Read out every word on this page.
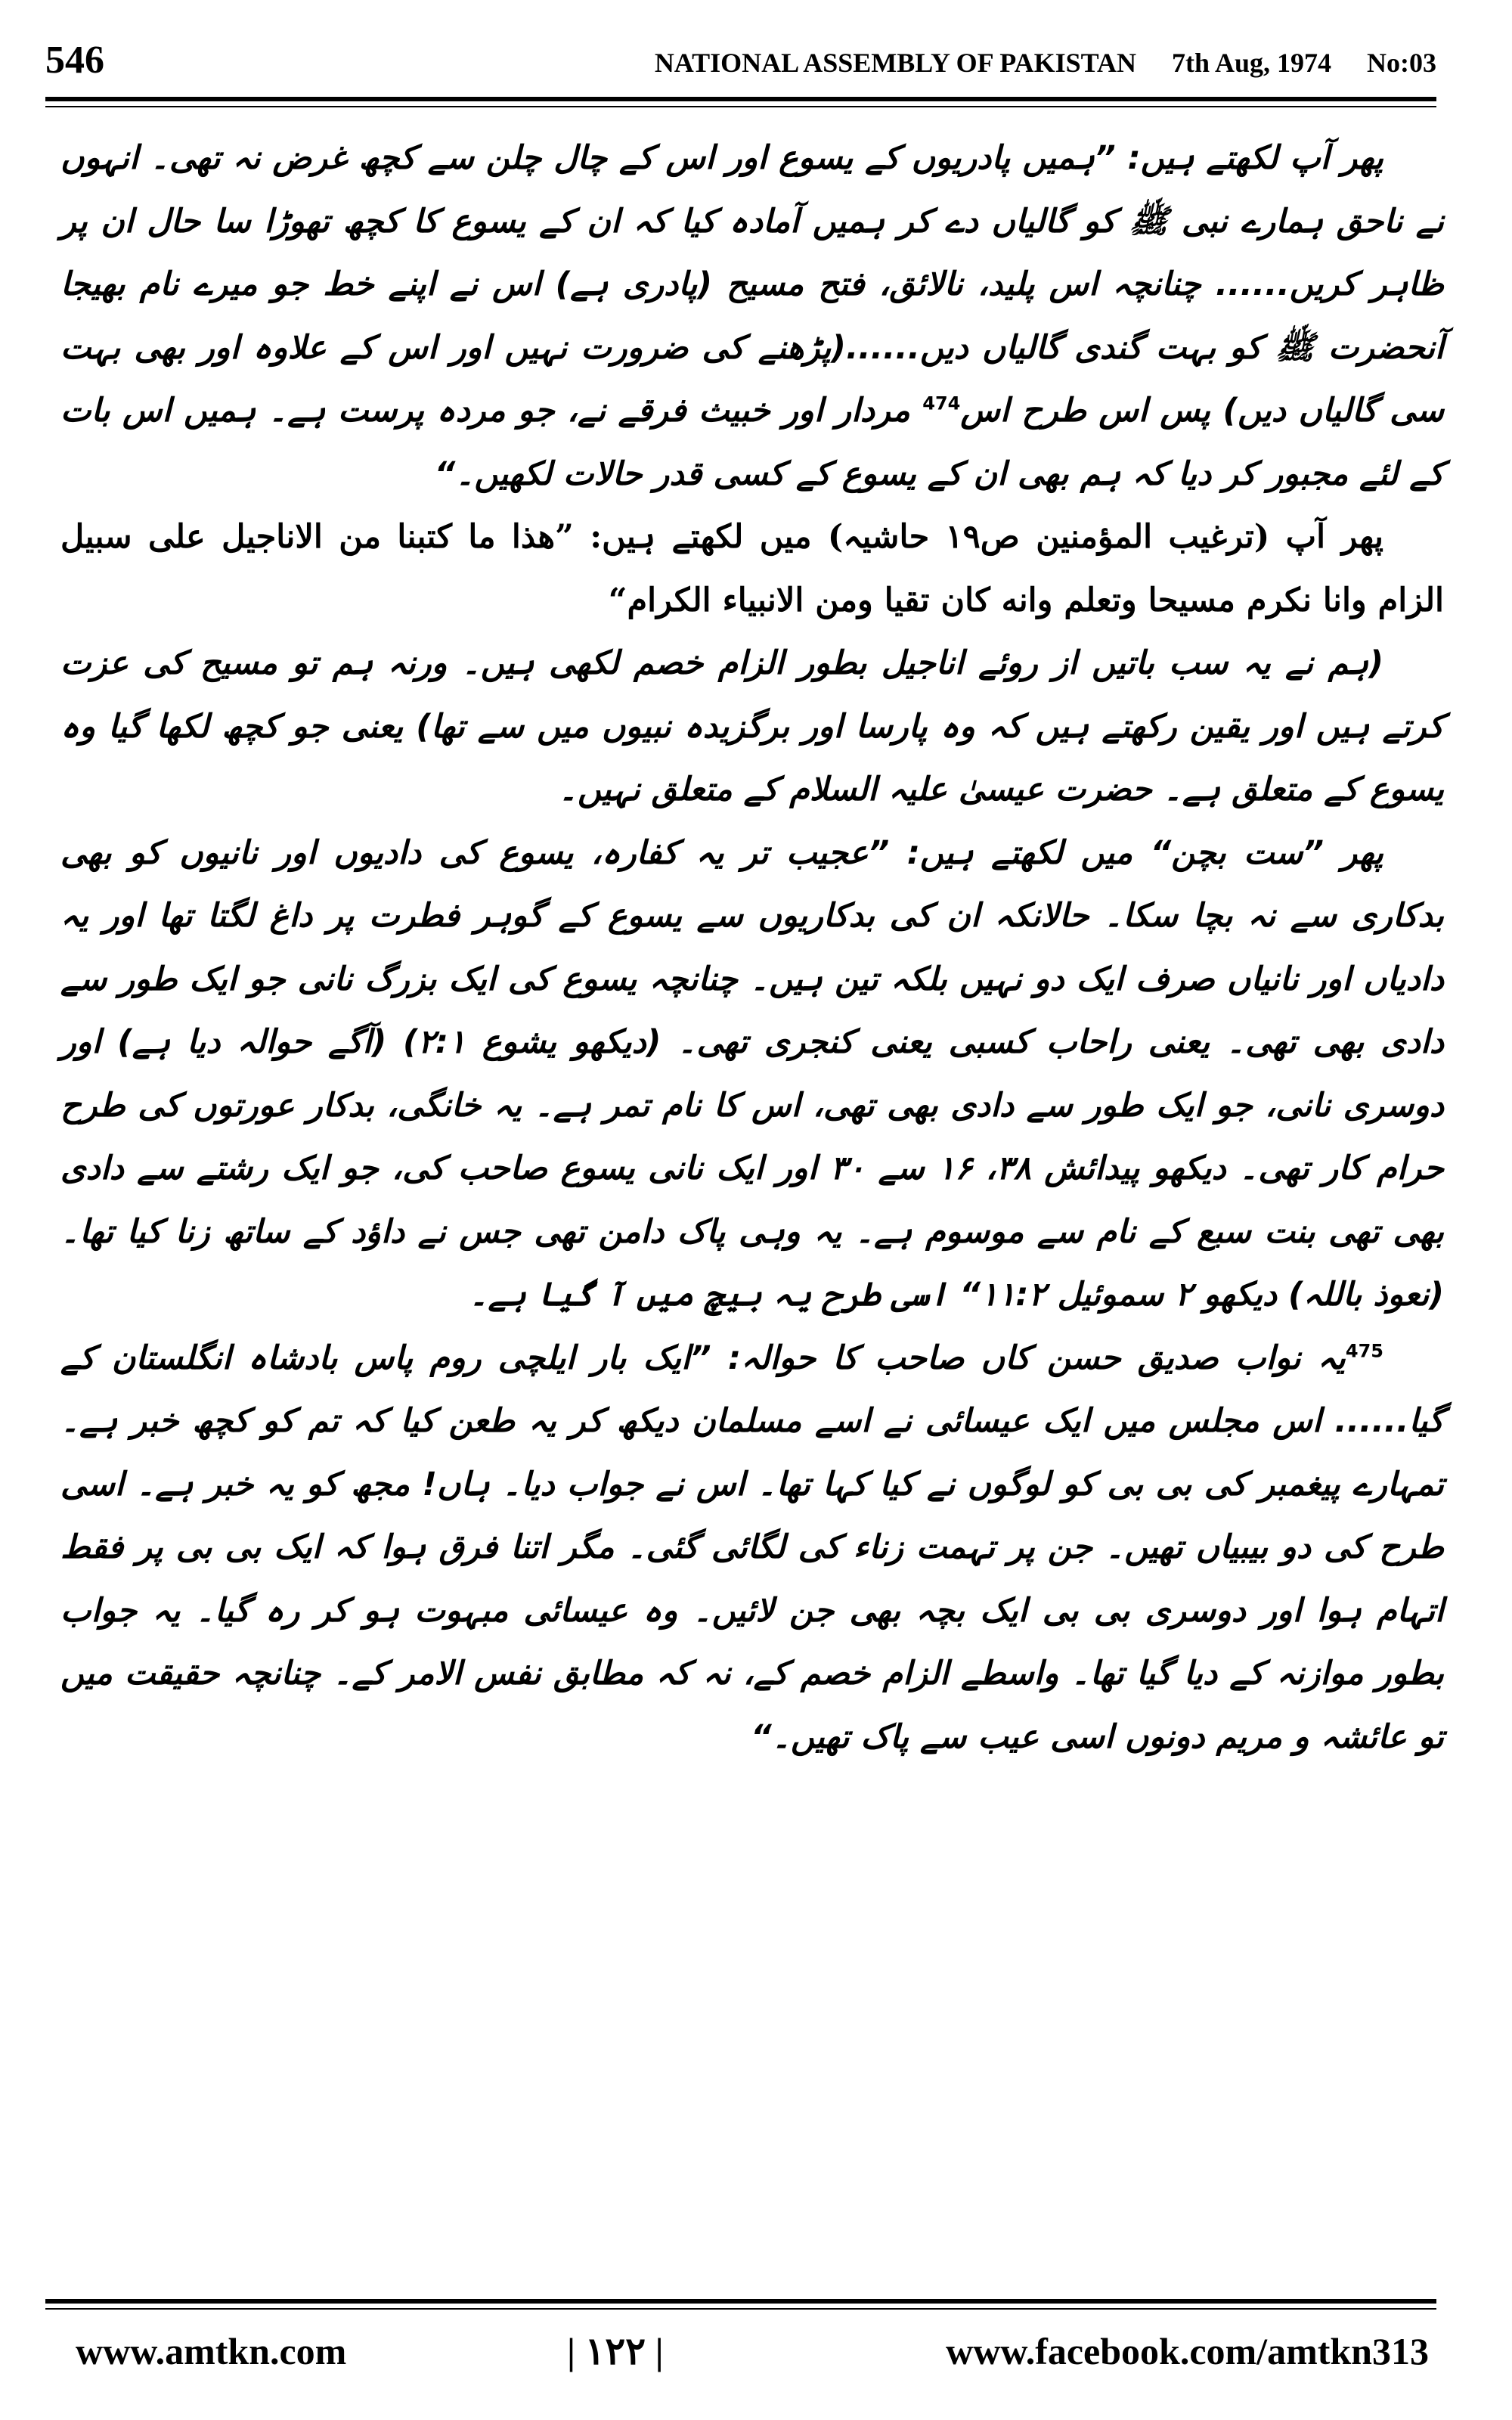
546	NATIONAL ASSEMBLY OF PAKISTAN 7th Aug, 1974 No:03

پھر آپ لکھتے ہیں: ”ہمیں پادریوں کے یسوع اور اس کے چال چلن سے کچھ غرض نہ تھی۔ انہوں نے ناحق ہمارے نبی ﷺ کو گالیاں دے کر ہمیں آمادہ کیا کہ ان کے یسوع کا کچھ تھوڑا سا حال ان پر ظاہر کریں...... چنانچہ اس پلید، نالائق، فتح مسیح (پادری ہے) اس نے اپنے خط جو میرے نام بھیجا آنحضرت ﷺ کو بہت گندی گالیاں دیں......(پڑھنے کی ضرورت نہیں اور اس کے علاوہ اور بھی بہت سی گالیاں دیں) پس اس طرح اس$^{474}$ مردار اور خبیث فرقے نے، جو مردہ پرست ہے۔ ہمیں اس بات کے لئے مجبور کر دیا کہ ہم بھی ان کے یسوع کے کسی قدر حالات لکھیں۔“

پھر آپ (ترغیب المؤمنین ص۱۹ حاشیہ) میں لکھتے ہیں: ”هذا ما كتبنا من الاناجيل على سبيل الزام وانا نكرم مسيحا وتعلم وانه كان تقيا ومن الانبياء الكرام“

(ہم نے یہ سب باتیں از روئے اناجیل بطور الزام خصم لکھی ہیں۔ ورنہ ہم تو مسیح کی عزت کرتے ہیں اور یقین رکھتے ہیں کہ وہ پارسا اور برگزیدہ نبیوں میں سے تھا) یعنی جو کچھ لکھا گیا وہ یسوع کے متعلق ہے۔ حضرت عیسیٰ علیہ السلام کے متعلق نہیں۔

پھر ”ست بچن“ میں لکھتے ہیں: ”عجیب تر یہ کفارہ، یسوع کی دادیوں اور نانیوں کو بھی بدکاری سے نہ بچا سکا۔ حالانکہ ان کی بدکاریوں سے یسوع کے گوہر فطرت پر داغ لگتا تھا اور یہ دادیاں اور نانیاں صرف ایک دو نہیں بلکہ تین ہیں۔ چنانچہ یسوع کی ایک بزرگ نانی جو ایک طور سے دادی بھی تھی۔ یعنی راحاب کسبی یعنی کنجری تھی۔ (دیکھو یشوع ۲:۱) (آگے حوالہ دیا ہے) اور دوسری نانی، جو ایک طور سے دادی بھی تھی، اس کا نام تمر ہے۔ یہ خانگی، بدکار عورتوں کی طرح حرام کار تھی۔ دیکھو پیدائش ۳۸، ۱۶ سے ۳۰ اور ایک نانی یسوع صاحب کی، جو ایک رشتے سے دادی بھی تھی بنت سبع کے نام سے موسوم ہے۔ یہ وہی پاک دامن تھی جس نے داؤد کے ساتھ زنا کیا تھا۔ (نعوذ باللہ) دیکھو ۲ سموئیل ۱۱:۲“ اسی طرح یہ بیچ میں آ گیا ہے۔

$^{475}$یہ نواب صدیق حسن کاں صاحب کا حوالہ: ”ایک بار ایلچی روم پاس بادشاہ انگلستان کے گیا...... اس مجلس میں ایک عیسائی نے اسے مسلمان دیکھ کر یہ طعن کیا کہ تم کو کچھ خبر ہے۔ تمہارے پیغمبر کی بی بی کو لوگوں نے کیا کہا تھا۔ اس نے جواب دیا۔ ہاں! مجھ کو یہ خبر ہے۔ اسی طرح کی دو بیبیاں تھیں۔ جن پر تہمت زناء کی لگائی گئی۔ مگر اتنا فرق ہوا کہ ایک بی بی پر فقط اتہام ہوا اور دوسری بی بی ایک بچہ بھی جن لائیں۔ وہ عیسائی مبہوت ہو کر رہ گیا۔ یہ جواب بطور موازنہ کے دیا گیا تھا۔ واسطے الزام خصم کے، نہ کہ مطابق نفس الامر کے۔ چنانچہ حقیقت میں تو عائشہ و مریم دونوں اسی عیب سے پاک تھیں۔“

www.amtkn.com	| ۱۲۲ |	www.facebook.com/amtkn313
